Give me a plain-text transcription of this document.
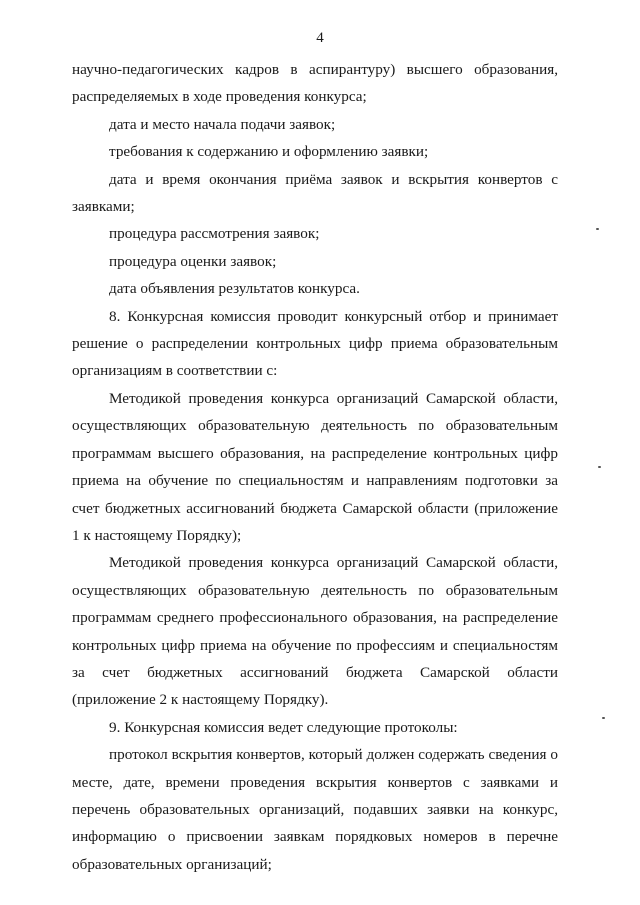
4

научно-педагогических кадров в аспирантуру) высшего образования, распределяемых в ходе проведения конкурса;

дата и место начала подачи заявок;

требования к содержанию и оформлению заявки;

дата и время окончания приёма заявок и вскрытия конвертов с заявками;

процедура рассмотрения заявок;

процедура оценки заявок;

дата объявления результатов конкурса.

8. Конкурсная комиссия проводит конкурсный отбор и принимает решение о распределении контрольных цифр приема образовательным организациям в соответствии с:

Методикой проведения конкурса организаций Самарской области, осуществляющих образовательную деятельность по образовательным программам высшего образования, на распределение контрольных цифр приема на обучение по специальностям и направлениям подготовки за счет бюджетных ассигнований бюджета Самарской области (приложение 1 к настоящему Порядку);

Методикой проведения конкурса организаций Самарской области, осуществляющих образовательную деятельность по образовательным программам среднего профессионального образования, на распределение контрольных цифр приема на обучение по профессиям и специальностям за счет бюджетных ассигнований бюджета Самарской области (приложение 2 к настоящему Порядку).

9. Конкурсная комиссия ведет следующие протоколы:

протокол вскрытия конвертов, который должен содержать сведения о месте, дате, времени проведения вскрытия конвертов с заявками и перечень образовательных организаций, подавших заявки на конкурс, информацию о присвоении заявкам порядковых номеров в перечне образовательных организаций;
